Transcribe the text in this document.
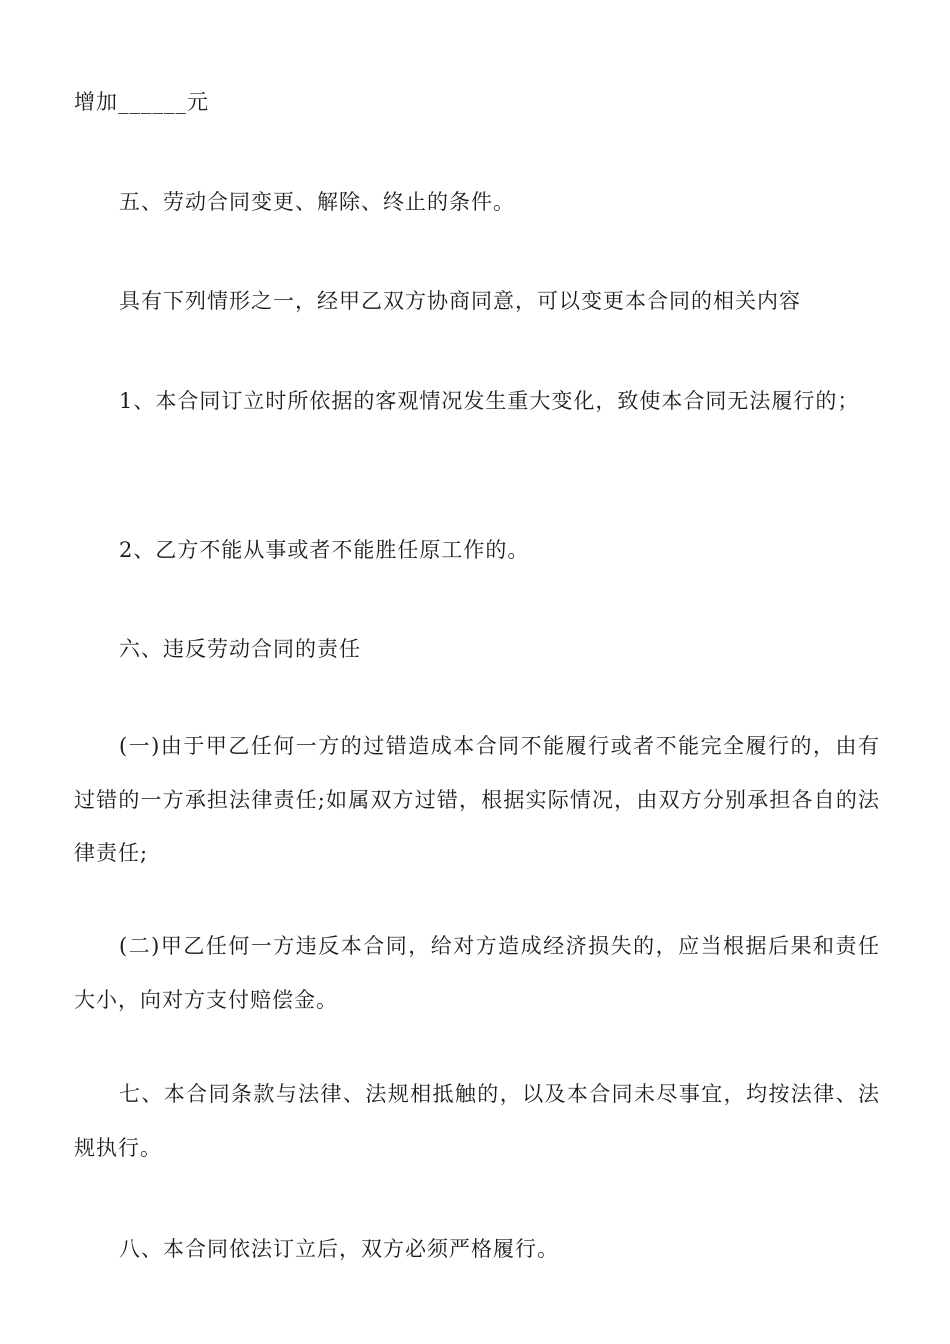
增加______元
五、劳动合同变更、解除、终止的条件。
具有下列情形之一，经甲乙双方协商同意，可以变更本合同的相关内容
1、本合同订立时所依据的客观情况发生重大变化，致使本合同无法履行的；
2、乙方不能从事或者不能胜任原工作的。
六、违反劳动合同的责任
(一)由于甲乙任何一方的过错造成本合同不能履行或者不能完全履行的，由有过错的一方承担法律责任;如属双方过错，根据实际情况，由双方分别承担各自的法律责任;
(二)甲乙任何一方违反本合同，给对方造成经济损失的，应当根据后果和责任大小，向对方支付赔偿金。
七、本合同条款与法律、法规相抵触的，以及本合同未尽事宜，均按法律、法规执行。
八、本合同依法订立后，双方必须严格履行。
